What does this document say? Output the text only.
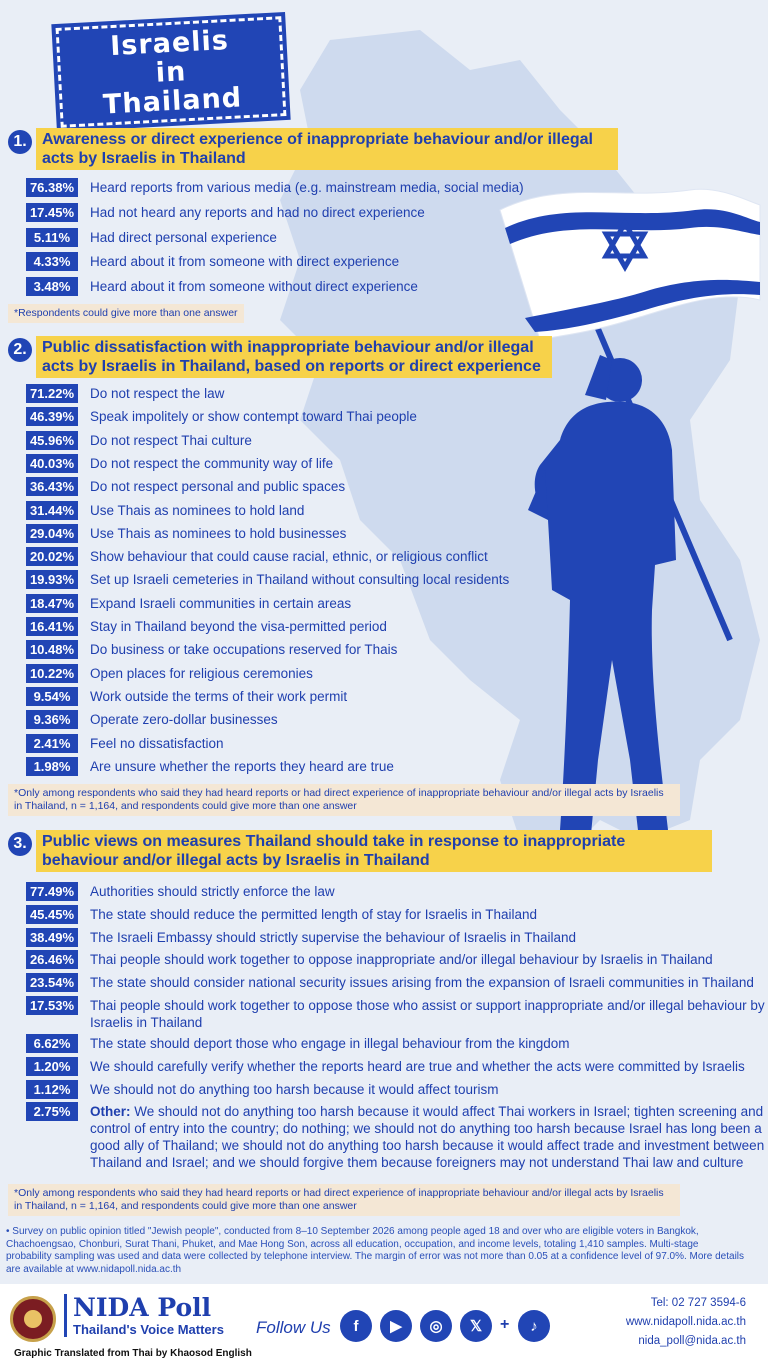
Israelis
in
Thailand
1. Awareness or direct experience of inappropriate behaviour and/or illegal acts by Israelis in Thailand
76.38% Heard reports from various media (e.g. mainstream media, social media)
17.45% Had not heard any reports and had no direct experience
5.11%	Had direct personal experience
4.33%	Heard about it from someone with direct experience
3.48%	Heard about it from someone without direct experience
*Respondents could give more than one answer
2. Public dissatisfaction with inappropriate behaviour and/or illegal acts by Israelis in Thailand, based on reports or direct experience
71.22% Do not respect the law
46.39% Speak impolitely or show contempt toward Thai people
45.96% Do not respect Thai culture
40.03% Do not respect the community way of life
36.43% Do not respect personal and public spaces
31.44% Use Thais as nominees to hold land
29.04% Use Thais as nominees to hold businesses
20.02% Show behaviour that could cause racial, ethnic, or religious conflict
19.93% Set up Israeli cemeteries in Thailand without consulting local residents
18.47% Expand Israeli communities in certain areas
16.41% Stay in Thailand beyond the visa-permitted period
10.48% Do business or take occupations reserved for Thais
10.22% Open places for religious ceremonies
9.54%	Work outside the terms of their work permit
9.36%	Operate zero-dollar businesses
2.41%	Feel no dissatisfaction
1.98%	Are unsure whether the reports they heard are true
*Only among respondents who said they had heard reports or had direct experience of inappropriate behaviour and/or illegal acts by Israelis in Thailand, n = 1,164, and respondents could give more than one answer
3. Public views on measures Thailand should take in response to inappropriate behaviour and/or illegal acts by Israelis in Thailand
77.49% Authorities should strictly enforce the law
45.45% The state should reduce the permitted length of stay for Israelis in Thailand
38.49% The Israeli Embassy should strictly supervise the behaviour of Israelis in Thailand
26.46% Thai people should work together to oppose inappropriate and/or illegal behaviour by Israelis in Thailand
23.54% The state should consider national security issues arising from the expansion of Israeli communities in Thailand
17.53% Thai people should work together to oppose those who assist or support inappropriate and/or illegal behaviour by Israelis in Thailand
6.62%	The state should deport those who engage in illegal behaviour from the kingdom
1.20%	We should carefully verify whether the reports heard are true and whether the acts were committed by Israelis
1.12%	We should not do anything too harsh because it would affect tourism
2.75%	Other: We should not do anything too harsh because it would affect Thai workers in Israel; tighten screening and control of entry into the country; do nothing; we should not do anything too harsh because Israel has long been a good ally of Thailand; we should not do anything too harsh because it would affect trade and investment between Thailand and Israel; and we should forgive them because foreigners may not understand Thai law and culture
*Only among respondents who said they had heard reports or had direct experience of inappropriate behaviour and/or illegal acts by Israelis in Thailand, n = 1,164, and respondents could give more than one answer
• Survey on public opinion titled "Jewish people", conducted from 8–10 September 2026 among people aged 18 and over who are eligible voters in Bangkok, Chachoengsao, Chonburi, Surat Thani, Phuket, and Mae Hong Son, across all education, occupation, and income levels, totaling 1,410 samples. Multi-stage probability sampling was used and data were collected by telephone interview. The margin of error was not more than 0.05 at a confidence level of 97.0%. More details are available at www.nidapoll.nida.ac.th
NIDA Poll
Thailand's Voice Matters Follow Us	f	▶	◎	𝕏	+	♪
Tel: 02 727 3594-6
www.nidapoll.nida.ac.th
nida_poll@nida.ac.th
Graphic Translated from Thai by Khaosod English
